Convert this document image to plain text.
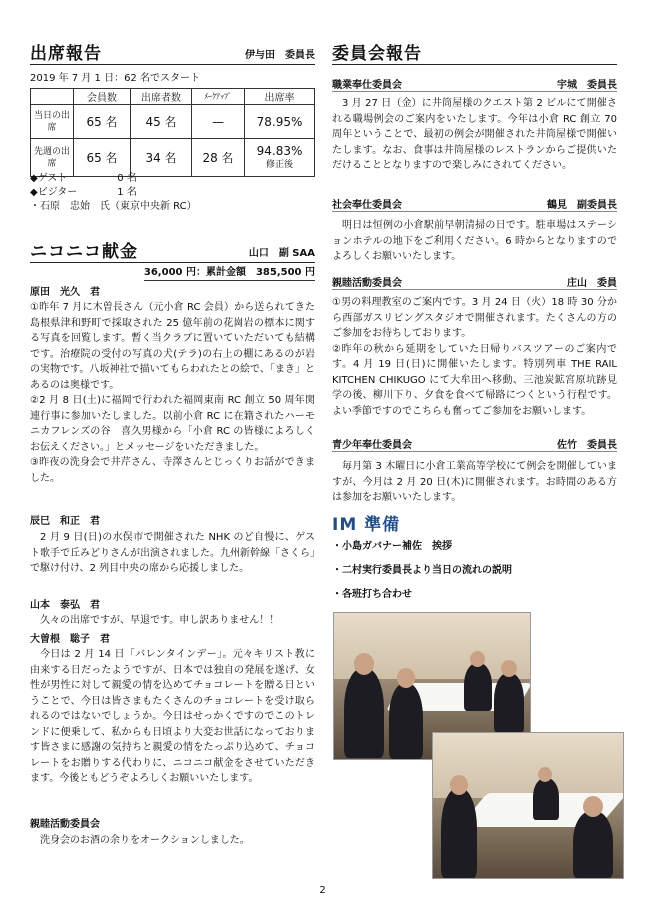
出席報告	伊与田　委員長
2019 年 7 月 1 日：62 名でスタート
	会員数	出席者数	ﾒｰｸｱｯﾌﾟ	出席率
当日の出席	65 名	45 名	—	78.95%
先週の出席	65 名	34 名	28 名	94.83%
修正後
◆ゲスト　　　　　0 名
◆ビジター　　　　1 名
・石原　忠始　氏（東京中央新 RC）
ニコニコ献金	山口　副 SAA
36,000 円：累計金額　385,500 円
原田　光久　君
①昨年 7 月に木曽長さん（元小倉 RC 会員）から送られてきた島根県津和野町で採取された 25 億年前の花崗岩の標本に関する写真を回覧します。暫く当クラブに置いていただいても結構です。治療院の受付の写真の犬(テラ)の右上の棚にあるのが岩の実物です。八坂神社で描いてもらわれたとの絵で、「まき」とあるのは奥様です。
②2 月 8 日(土)に福岡で行われた福岡東南 RC 創立 50 周年関連行事に参加いたしました。以前小倉 RC に在籍されたハーモニカフレンズの谷　喜久男様から「小倉 RC の皆様によろしくお伝えください。」とメッセージをいただきました。
③昨夜の洗身会で井芹さん、寺澤さんとじっくりお話ができました。
辰巳　和正　君
2 月 9 日(日)の水俣市で開催された NHK のど自慢に、ゲスト歌手で丘みどりさんが出演されました。九州新幹線「さくら」で駆け付け、2 列目中央の席から応援しました。
山本　泰弘　君
久々の出席ですが、早退です。申し訳ありません！！
大曽根　聡子　君
今日は 2 月 14 日「バレンタインデー」。元々キリスト教に由来する日だったようですが、日本では独自の発展を遂げ、女性が男性に対して親愛の情を込めてチョコレートを贈る日ということで、今日は皆さまもたくさんのチョコレートを受け取られるのではないでしょうか。今日はせっかくですのでこのトレンドに便乗して、私からも日頃より大変お世話になっております皆さまに感謝の気持ちと親愛の情をたっぷり込めて、チョコレートをお贈りする代わりに、ニコニコ献金をさせていただきます。今後ともどうぞよろしくお願いいたします。
親睦活動委員会
洗身会のお酒の余りをオークションしました。
委員会報告
職業奉仕委員会	宇城　委員長
3 月 27 日（金）に井筒屋様のクエスト第 2 ビルにて開催される職場例会のご案内をいたします。今年は小倉 RC 創立 70 周年ということで、最初の例会が開催された井筒屋様で開催いたします。なお、食事は井筒屋様のレストランからご提供いただけることとなりますので楽しみにされてください。
社会奉仕委員会	鶴見　副委員長
明日は恒例の小倉駅前早朝清掃の日です。駐車場はステーションホテルの地下をご利用ください。6 時からとなりますのでよろしくお願いいたします。
親睦活動委員会	庄山　委員
①男の料理教室のご案内です。3 月 24 日（火）18 時 30 分から西部ガスリビングスタジオで開催されます。たくさんの方のご参加をお待ちしております。
②昨年の秋から延期をしていた日帰りバスツアーのご案内です。4 月 19 日(日)に開催いたします。特別列車 THE RAIL KITCHEN CHIKUGO にて大牟田へ移動、三池炭鉱宮原坑跡見学の後、柳川下り、夕食を食べて帰路につくという行程です。よい季節ですのでこちらも奮ってご参加をお願いします。
青少年奉仕委員会	佐竹　委員長
毎月第 3 木曜日に小倉工業高等学校にて例会を開催していますが、今月は 2 月 20 日(木)に開催されます。お時間のある方は参加をお願いいたします。
IM 準備
・小島ガバナー補佐　挨拶
・二村実行委員長より当日の流れの説明
・各班打ち合わせ
2
